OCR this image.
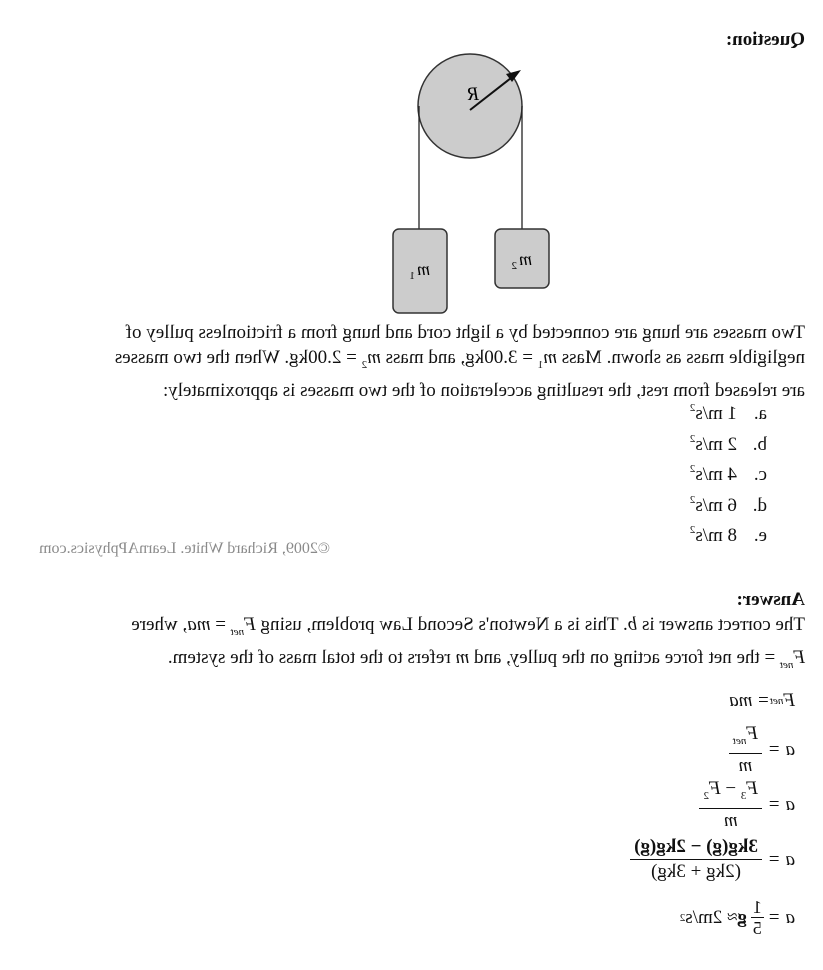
Question:
R
m
2
m
1
Two masses are hung are connected by a light cord and hung from a frictionless pulley of
negligible mass as shown. Mass $m_1 = 3.00kg$, and mass $m_2 = 2.00kg$. When the two masses
are released from rest, the resulting acceleration of the two masses is approximately:
a.1 $m/s^2$
b.2 $m/s^2$
c.4 $m/s^2$
d.6 $m/s^2$
e.8 $m/s^2$
©2009, Richard White. LearnAPphysics.com
Answer:
The correct answer is b. This is a Newton's Second Law problem, using $F_{net}$ = ma, where
$F_{net}$ = the net force acting on the pulley, and m refers to the total mass of the system.
F
net
= ma
a =
$\frac{F_{net}}{m}$
a =
$\frac{F_3 - F_2}{m}$
a =
$\frac{3kg(g) - 2kg(g)}{(2kg + 3kg)}$
a =
$\frac{1}{5}$
g
≈ 2m/s
2
